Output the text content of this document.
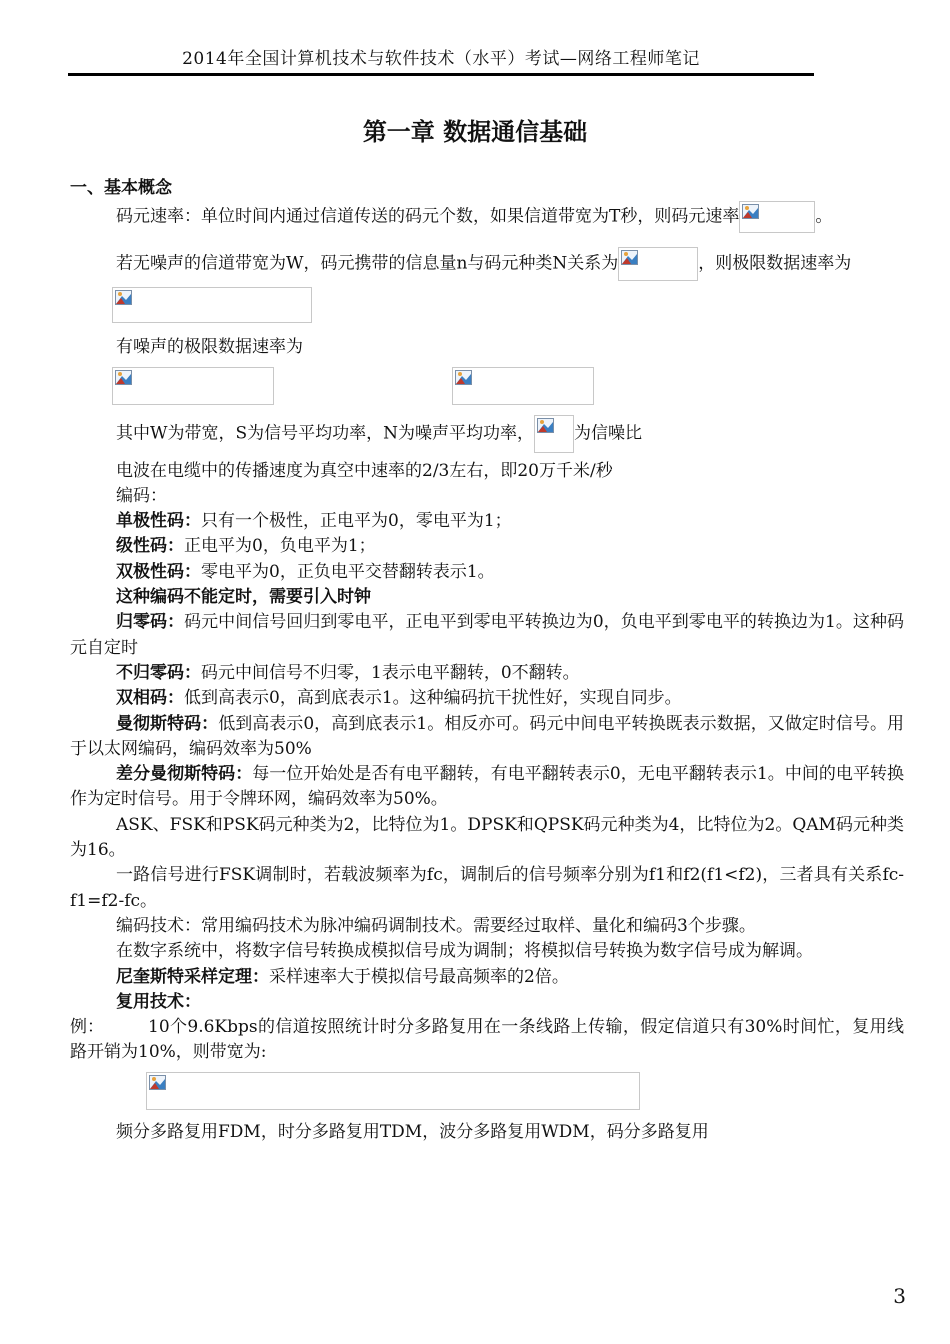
2014年全国计算机技术与软件技术（水平）考试—网络工程师笔记
第一章 数据通信基础
一、基本概念

码元速率：单位时间内通过信道传送的码元个数，如果信道带宽为T秒，则码元速率	。

若无噪声的信道带宽为W，码元携带的信息量n与码元种类N关系为	，则极限数据速率为

有噪声的极限数据速率为

其中W为带宽，S为信号平均功率，N为噪声平均功率， 为信噪比

电波在电缆中的传播速度为真空中速率的2/3左右，即20万千米/秒

编码：

单极性码：只有一个极性，正电平为0，零电平为1；

级性码：正电平为0，负电平为1；

双极性码：零电平为0，正负电平交替翻转表示1。

这种编码不能定时，需要引入时钟

归零码：码元中间信号回归到零电平，正电平到零电平转换边为0，负电平到零电平的转换边为1。这种码元自定时

不归零码：码元中间信号不归零，1表示电平翻转，0不翻转。

双相码：低到高表示0，高到底表示1。这种编码抗干扰性好，实现自同步。

曼彻斯特码：低到高表示0，高到底表示1。相反亦可。码元中间电平转换既表示数据，又做定时信号。用于以太网编码，编码效率为50%

差分曼彻斯特码：每一位开始处是否有电平翻转，有电平翻转表示0，无电平翻转表示1。中间的电平转换作为定时信号。用于令牌环网，编码效率为50%。

ASK、FSK和PSK码元种类为2，比特位为1。DPSK和QPSK码元种类为4，比特位为2。QAM码元种类为16。

一路信号进行FSK调制时，若载波频率为fc，调制后的信号频率分别为f1和f2(f1<f2)，三者具有关系fc-f1=f2-fc。

编码技术：常用编码技术为脉冲编码调制技术。需要经过取样、量化和编码3个步骤。

在数字系统中，将数字信号转换成模拟信号成为调制；将模拟信号转换为数字信号成为解调。

尼奎斯特采样定理：采样速率大于模拟信号最高频率的2倍。

复用技术：

例：	10个9.6Kbps的信道按照统计时分多路复用在一条线路上传输，假定信道只有30%时间忙，复用线路开销为10%，则带宽为:

频分多路复用FDM，时分多路复用TDM，波分多路复用WDM，码分多路复用

3
